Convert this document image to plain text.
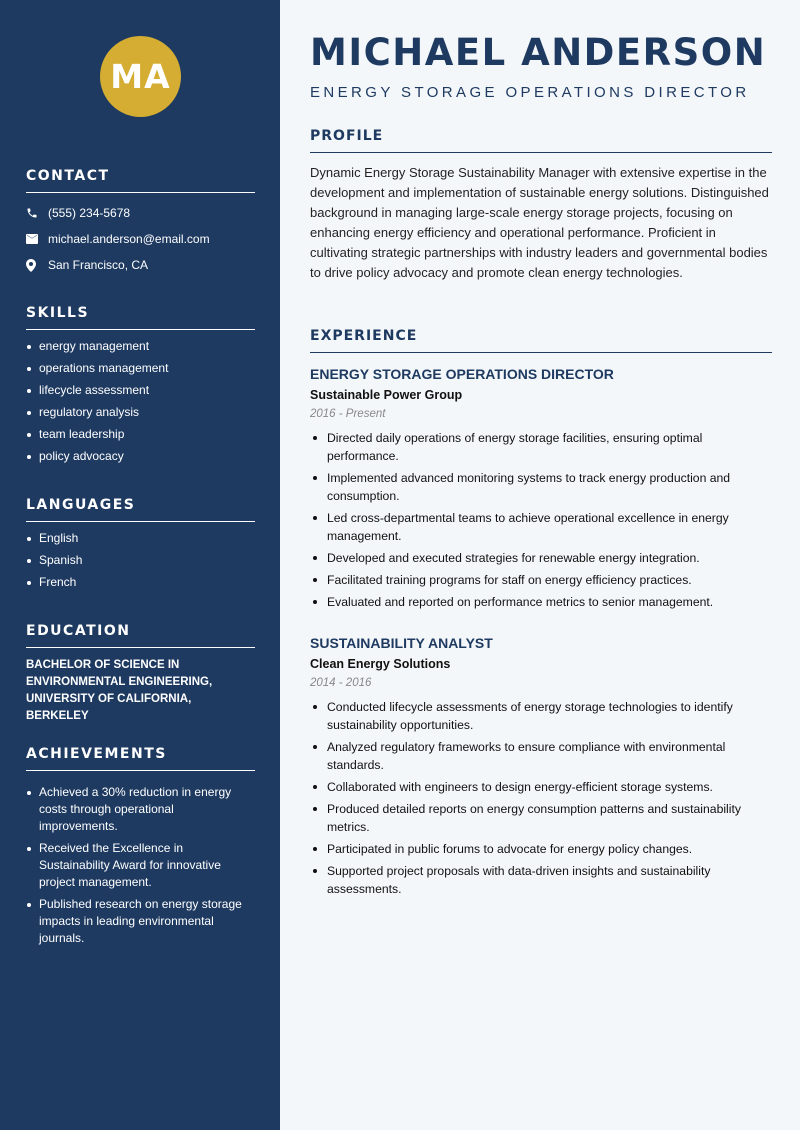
MA
CONTACT
(555) 234-5678
michael.anderson@email.com
San Francisco, CA
SKILLS
energy management
operations management
lifecycle assessment
regulatory analysis
team leadership
policy advocacy
LANGUAGES
English
Spanish
French
EDUCATION
BACHELOR OF SCIENCE IN ENVIRONMENTAL ENGINEERING, UNIVERSITY OF CALIFORNIA, BERKELEY
ACHIEVEMENTS
Achieved a 30% reduction in energy costs through operational improvements.
Received the Excellence in Sustainability Award for innovative project management.
Published research on energy storage impacts in leading environmental journals.
MICHAEL ANDERSON
ENERGY STORAGE OPERATIONS DIRECTOR
PROFILE
Dynamic Energy Storage Sustainability Manager with extensive expertise in the development and implementation of sustainable energy solutions. Distinguished background in managing large-scale energy storage projects, focusing on enhancing energy efficiency and operational performance. Proficient in cultivating strategic partnerships with industry leaders and governmental bodies to drive policy advocacy and promote clean energy technologies.
EXPERIENCE
ENERGY STORAGE OPERATIONS DIRECTOR
Sustainable Power Group
2016 - Present
Directed daily operations of energy storage facilities, ensuring optimal performance.
Implemented advanced monitoring systems to track energy production and consumption.
Led cross-departmental teams to achieve operational excellence in energy management.
Developed and executed strategies for renewable energy integration.
Facilitated training programs for staff on energy efficiency practices.
Evaluated and reported on performance metrics to senior management.
SUSTAINABILITY ANALYST
Clean Energy Solutions
2014 - 2016
Conducted lifecycle assessments of energy storage technologies to identify sustainability opportunities.
Analyzed regulatory frameworks to ensure compliance with environmental standards.
Collaborated with engineers to design energy-efficient storage systems.
Produced detailed reports on energy consumption patterns and sustainability metrics.
Participated in public forums to advocate for energy policy changes.
Supported project proposals with data-driven insights and sustainability assessments.
